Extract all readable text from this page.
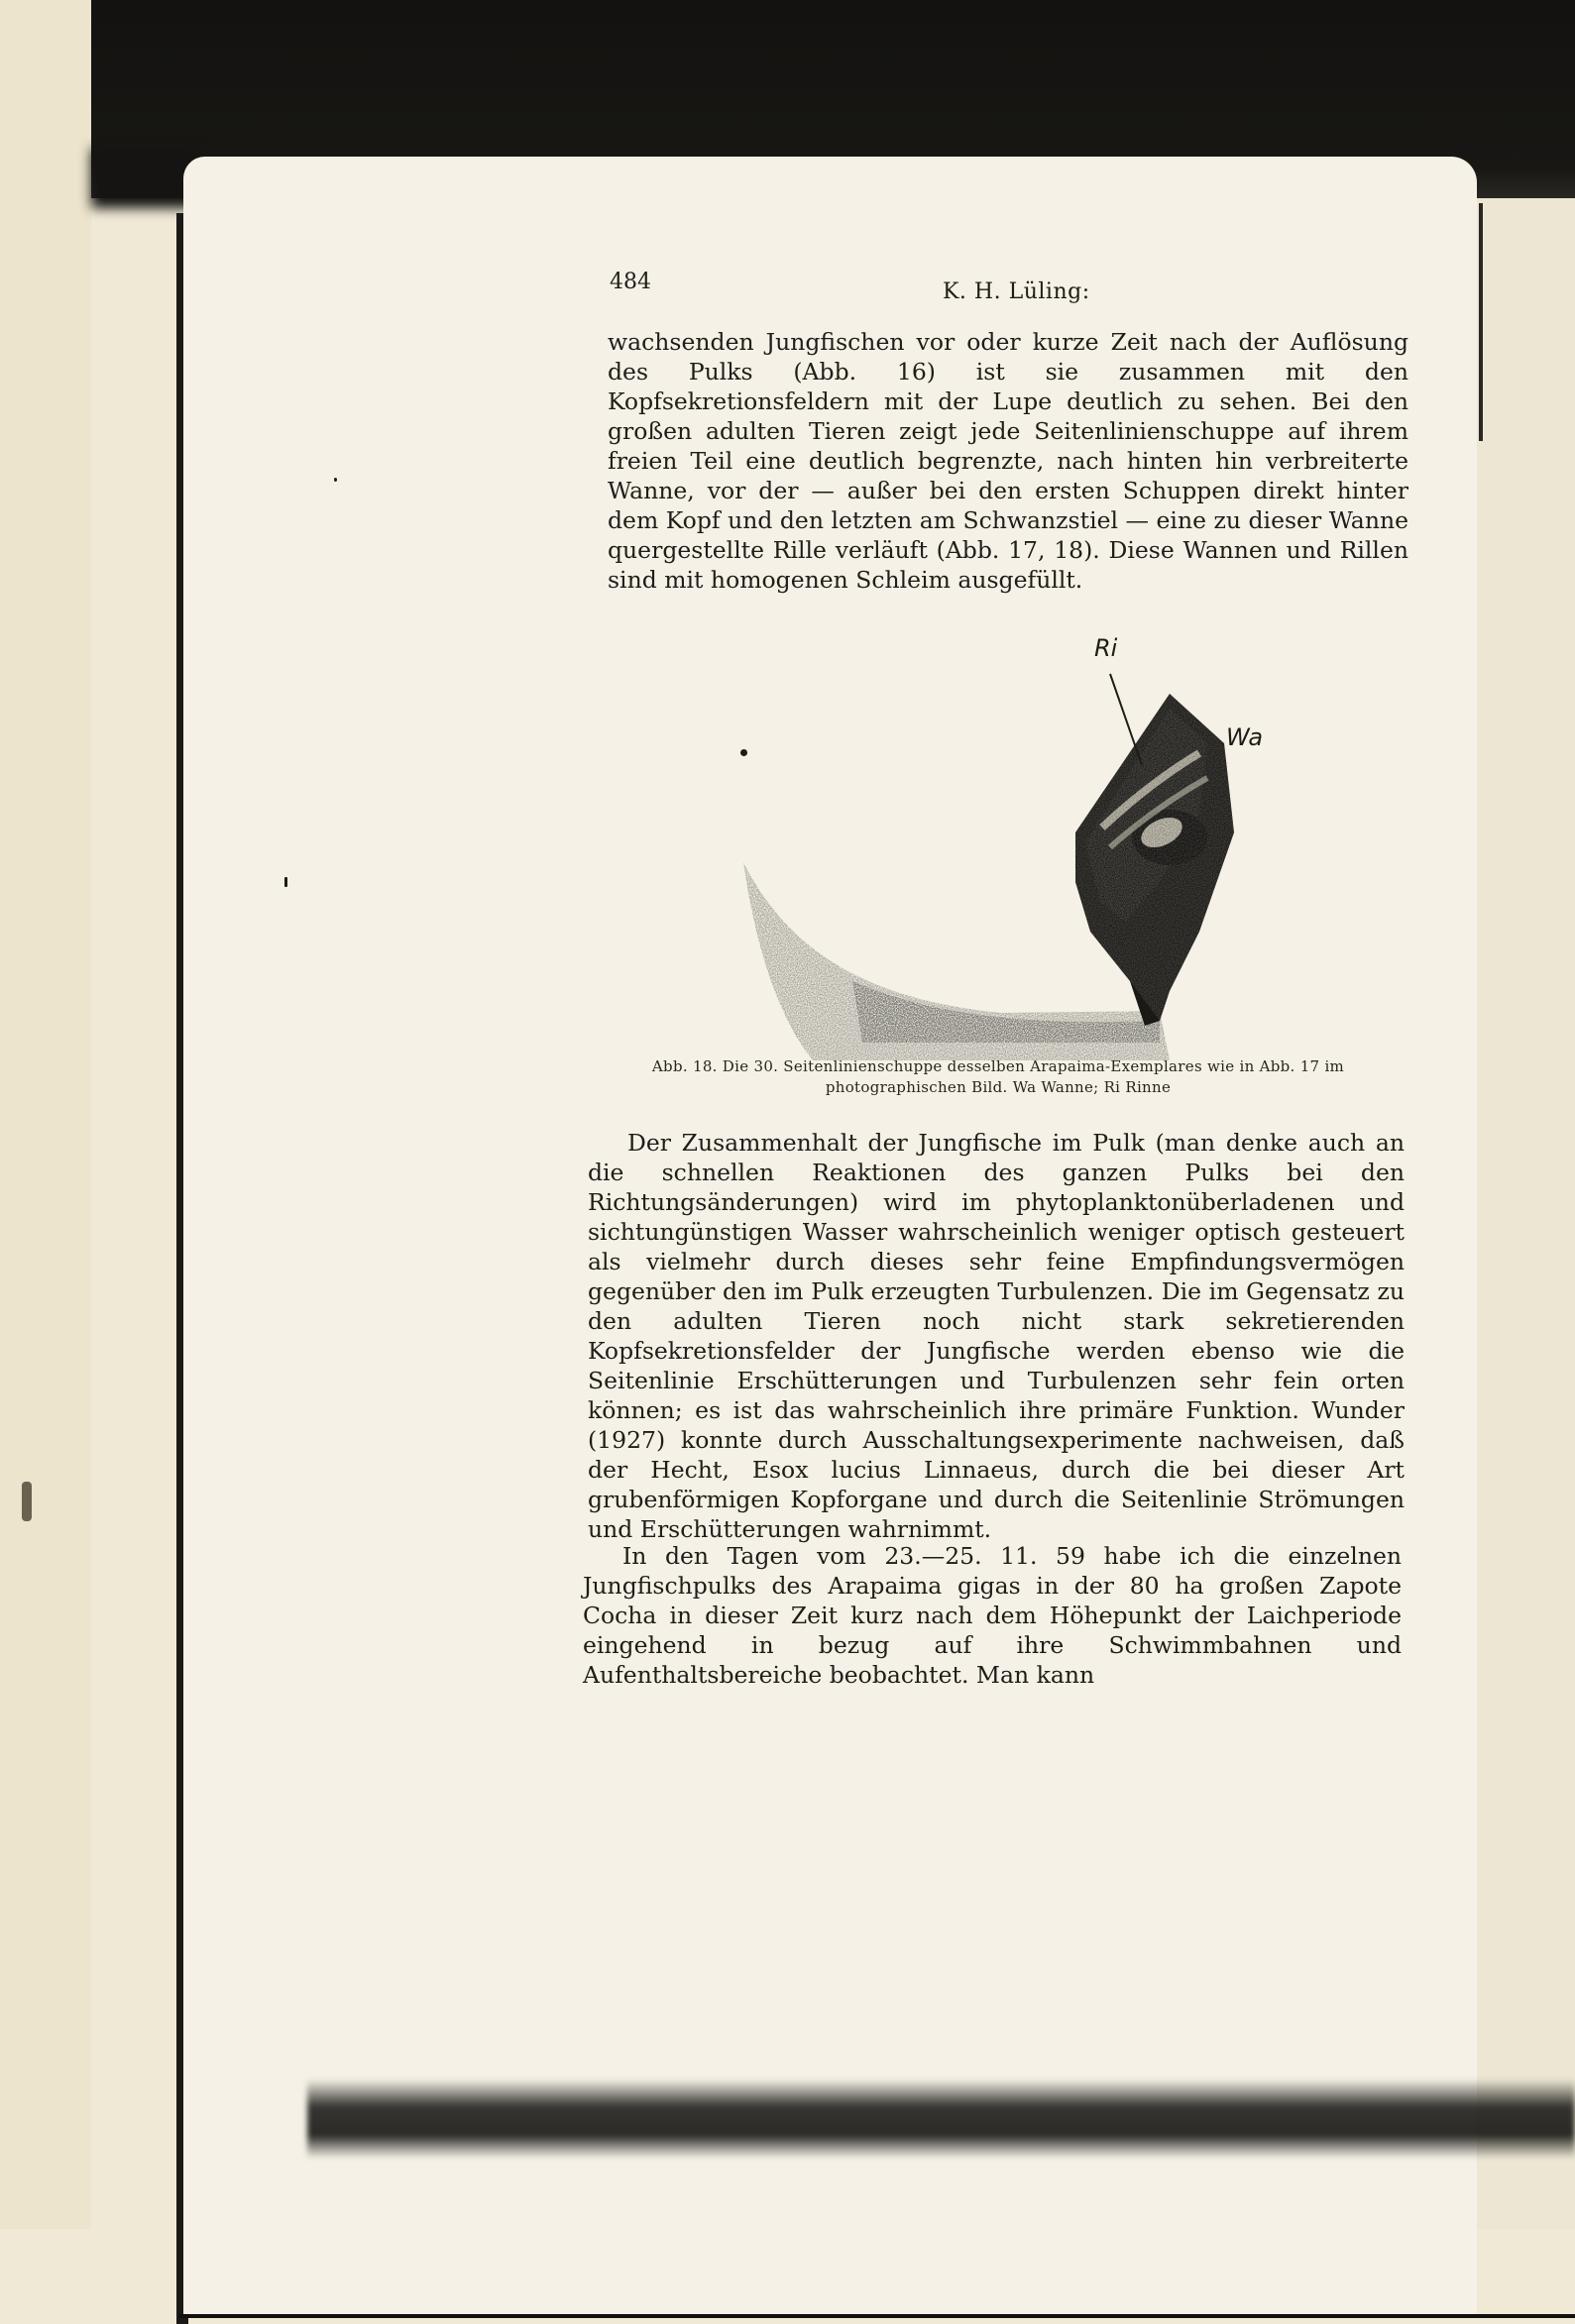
484	K. H. Lüling:

wachsenden Jungfischen vor oder kurze Zeit nach der Auflösung des Pulks (Abb. 16) ist sie zusammen mit den Kopfsekretionsfeldern mit der Lupe deutlich zu sehen. Bei den großen adulten Tieren zeigt jede Seitenlinienschuppe auf ihrem freien Teil eine deutlich begrenzte, nach hinten hin verbreiterte Wanne, vor der — außer bei den ersten Schuppen direkt hinter dem Kopf und den letzten am Schwanzstiel — eine zu dieser Wanne quergestellte Rille verläuft (Abb. 17, 18). Diese Wannen und Rillen sind mit homogenen Schleim ausgefüllt.

Ri
Wa
Abb. 18. Die 30. Seitenlinienschuppe desselben Arapaima-Exemplares wie in Abb. 17 im photographischen Bild. Wa Wanne; Ri Rinne

Der Zusammenhalt der Jungfische im Pulk (man denke auch an die schnellen Reaktionen des ganzen Pulks bei den Richtungsänderungen) wird im phytoplanktonüberladenen und sichtungünstigen Wasser wahrscheinlich weniger optisch gesteuert als vielmehr durch dieses sehr feine Empfindungsvermögen gegenüber den im Pulk erzeugten Turbulenzen. Die im Gegensatz zu den adulten Tieren noch nicht stark sekretierenden Kopfsekretionsfelder der Jungfische werden ebenso wie die Seitenlinie Erschütterungen und Turbulenzen sehr fein orten können; es ist das wahrscheinlich ihre primäre Funktion. Wunder (1927) konnte durch Ausschaltungsexperimente nachweisen, daß der Hecht, Esox lucius Linnaeus, durch die bei dieser Art grubenförmigen Kopforgane und durch die Seitenlinie Strömungen und Erschütterungen wahrnimmt.

In den Tagen vom 23.—25. 11. 59 habe ich die einzelnen Jungfischpulks des Arapaima gigas in der 80 ha großen Zapote Cocha in dieser Zeit kurz nach dem Höhepunkt der Laichperiode eingehend in bezug auf ihre Schwimmbahnen und Aufenthaltsbereiche beobachtet. Man kann
